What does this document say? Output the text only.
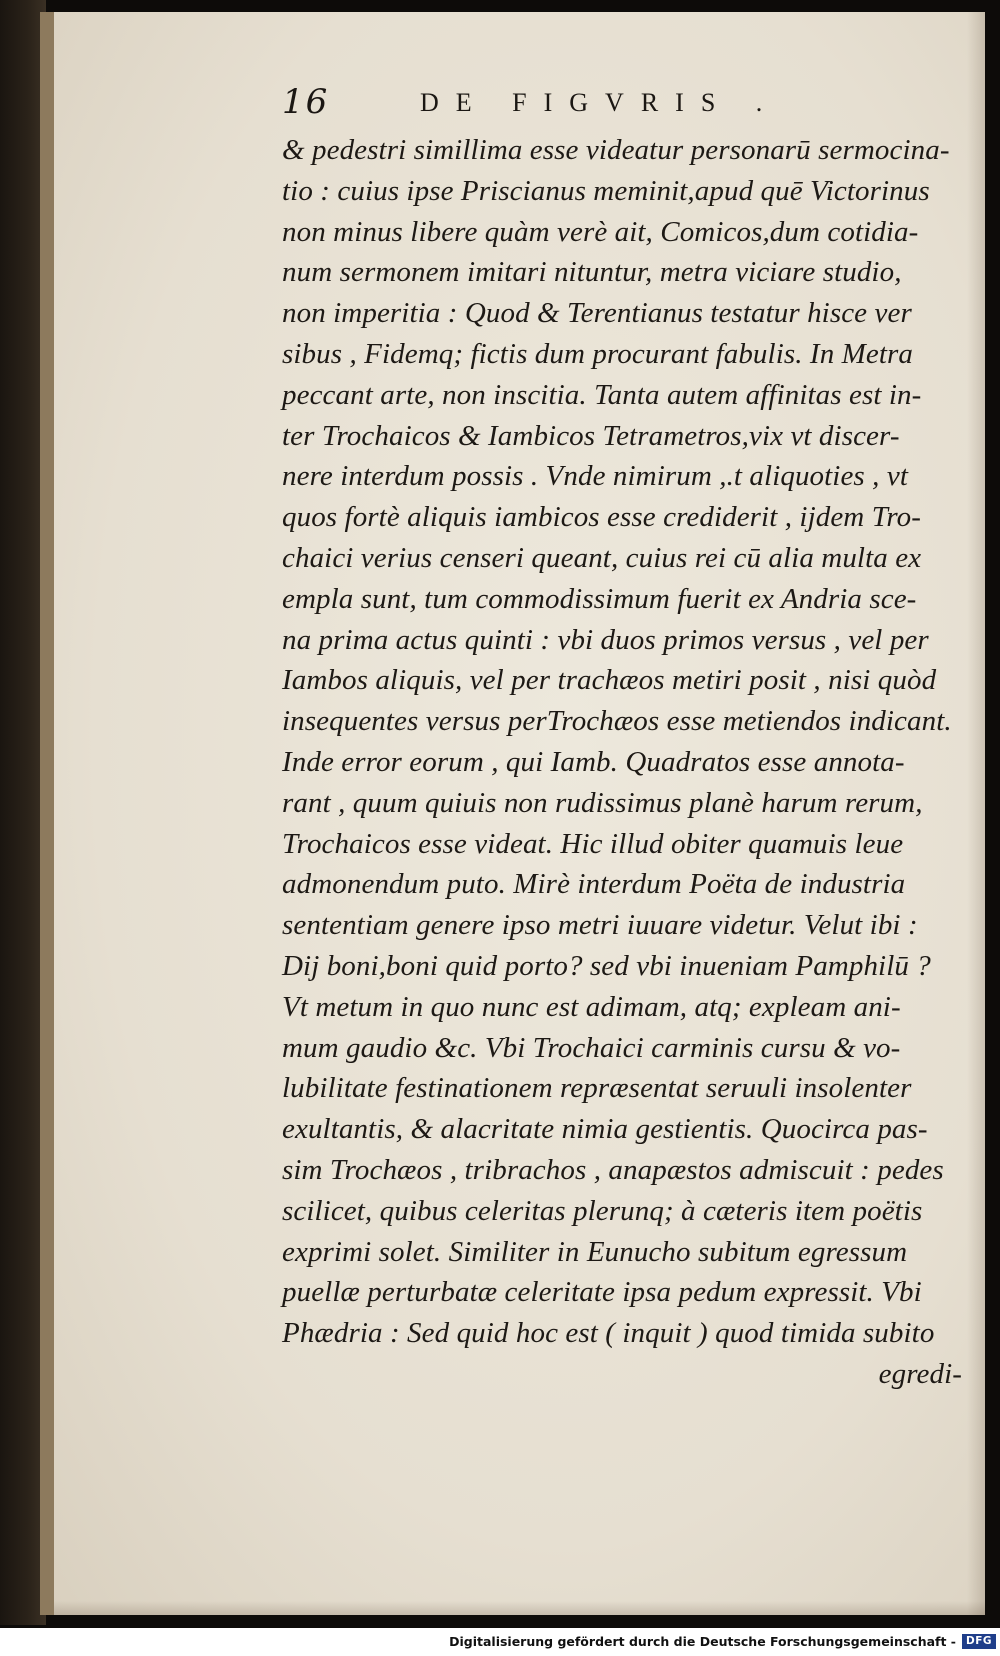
16	DE FIGVRIS .
& pedestri simillima esse videatur personarū sermocina-
tio : cuius ipse Priscianus meminit,apud quē Victorinus
non minus libere quàm verè ait, Comicos,dum cotidia-
num sermonem imitari nituntur, metra viciare studio,
non imperitia : Quod & Terentianus testatur hisce ver
sibus , Fidemq; fictis dum procurant fabulis. In Metra
peccant arte, non inscitia. Tanta autem affinitas est in-
ter Trochaicos & Iambicos Tetrametros,vix vt discer-
nere interdum possis . Vnde nimirum ,.t aliquoties , vt
quos fortè aliquis iambicos esse crediderit , ijdem Tro-
chaici verius censeri queant, cuius rei cū alia multa ex
empla sunt, tum commodissimum fuerit ex Andria sce-
na prima actus quinti : vbi duos primos versus , vel per
Iambos aliquis, vel per trachæos metiri posit , nisi quòd
insequentes versus perTrochæos esse metiendos indicant.
Inde error eorum , qui Iamb. Quadratos esse annota-
rant , quum quiuis non rudissimus planè harum rerum,
Trochaicos esse videat. Hic illud obiter quamuis leue
admonendum puto. Mirè interdum Poëta de industria
sententiam genere ipso metri iuuare videtur. Velut ibi :
Dij boni,boni quid porto? sed vbi inueniam Pamphilū ?
Vt metum in quo nunc est adimam, atq; expleam ani-
mum gaudio &c. Vbi Trochaici carminis cursu & vo-
lubilitate festinationem repræsentat seruuli insolenter
exultantis, & alacritate nimia gestientis. Quocirca pas-
sim Trochæos , tribrachos , anapæstos admiscuit : pedes
scilicet, quibus celeritas plerunq; à cæteris item poëtis
exprimi solet. Similiter in Eunucho subitum egressum
puellæ perturbatæ celeritate ipsa pedum expressit. Vbi
Phædria : Sed quid hoc est ( inquit ) quod timida subito
egredi-
Digitalisierung gefördert durch die Deutsche Forschungsgemeinschaft - DFG
